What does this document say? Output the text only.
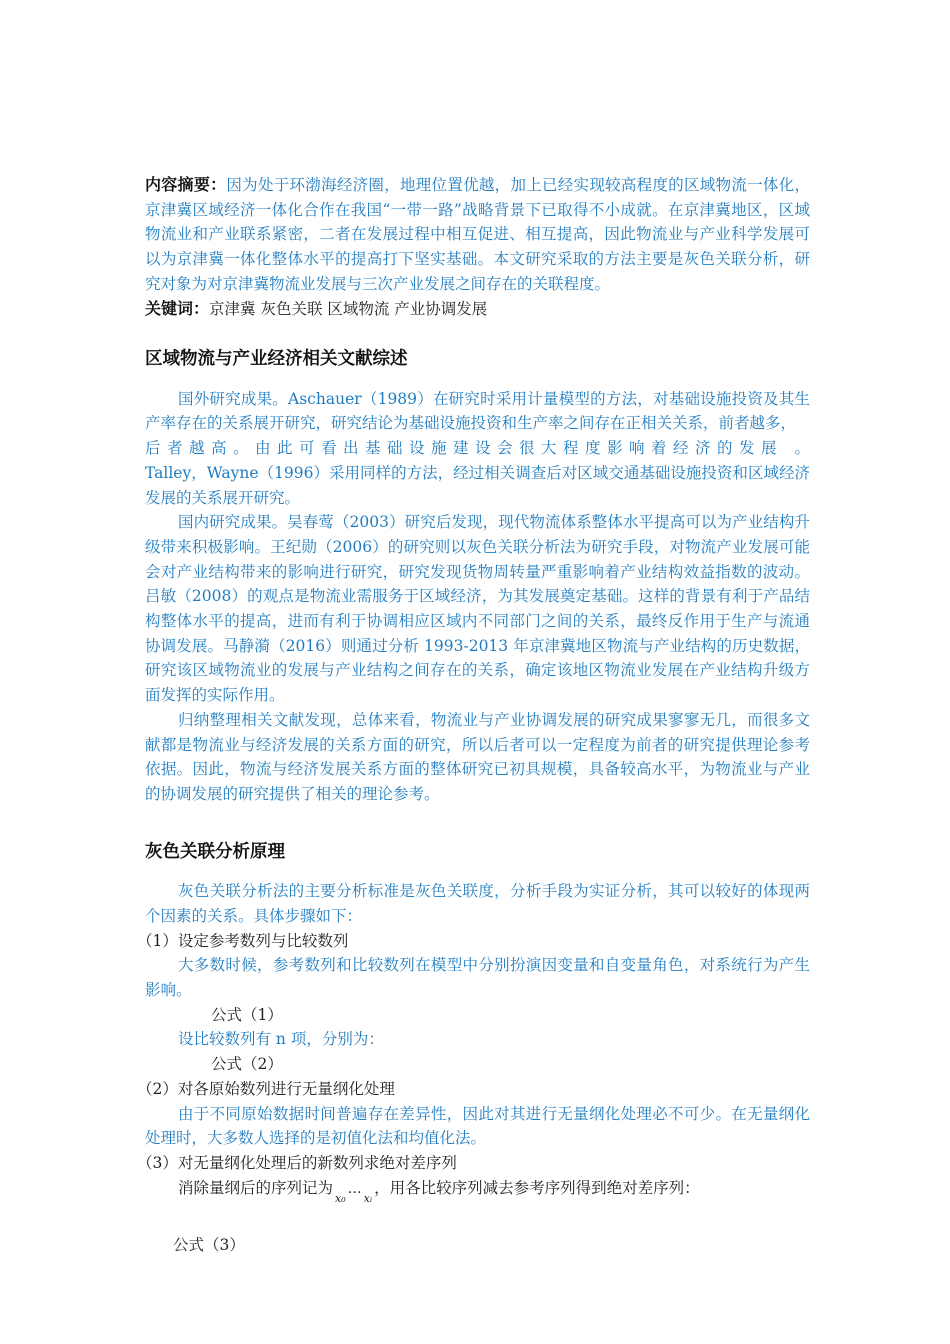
内容摘要：因为处于环渤海经济圈，地理位置优越，加上已经实现较高程度的区域物流一体化，京津冀区域经济一体化合作在我国“一带一路”战略背景下已取得不小成就。在京津冀地区，区域物流业和产业联系紧密，二者在发展过程中相互促进、相互提高，因此物流业与产业科学发展可以为京津冀一体化整体水平的提高打下坚实基础。本文研究采取的方法主要是灰色关联分析，研究对象为对京津冀物流业发展与三次产业发展之间存在的关联程度。

关键词：京津冀 灰色关联 区域物流 产业协调发展

区域物流与产业经济相关文献综述

国外研究成果。Aschauer（1989）在研究时采用计量模型的方法，对基础设施投资及其生产率存在的关系展开研究，研究结论为基础设施投资和生产率之间存在正相关关系，前者越多，

后者越高。由此可看出基础设施建设会很大程度影响着经济的发展 。

Talley，Wayne（1996）采用同样的方法，经过相关调查后对区域交通基础设施投资和区域经济发展的关系展开研究。

国内研究成果。吴春莺（2003）研究后发现，现代物流体系整体水平提高可以为产业结构升级带来积极影响。王纪勋（2006）的研究则以灰色关联分析法为研究手段，对物流产业发展可能会对产业结构带来的影响进行研究，研究发现货物周转量严重影响着产业结构效益指数的波动。吕敏（2008）的观点是物流业需服务于区域经济，为其发展奠定基础。这样的背景有利于产品结构整体水平的提高，进而有利于协调相应区域内不同部门之间的关系，最终反作用于生产与流通协调发展。马静漪（2016）则通过分析 1993-2013 年京津冀地区物流与产业结构的历史数据，研究该区域物流业的发展与产业结构之间存在的关系，确定该地区物流业发展在产业结构升级方面发挥的实际作用。

归纳整理相关文献发现，总体来看，物流业与产业协调发展的研究成果寥寥无几，而很多文献都是物流业与经济发展的关系方面的研究，所以后者可以一定程度为前者的研究提供理论参考依据。因此，物流与经济发展关系方面的整体研究已初具规模，具备较高水平，为物流业与产业的协调发展的研究提供了相关的理论参考。

灰色关联分析原理

灰色关联分析法的主要分析标准是灰色关联度，分析手段为实证分析，其可以较好的体现两个因素的关系。具体步骤如下：

（1）设定参考数列与比较数列

大多数时候，参考数列和比较数列在模型中分别扮演因变量和自变量角色，对系统行为产生影响。

公式（1）

设比较数列有 n 项，分别为：

公式（2）

（2）对各原始数列进行无量纲化处理

由于不同原始数据时间普遍存在差异性，因此对其进行无量纲化处理必不可少。在无量纲化处理时，大多数人选择的是初值化法和均值化法。

（3）对无量纲化处理后的新数列求绝对差序列

消除量纲后的序列记为x₀…xᵢ，用各比较序列减去参考序列得到绝对差序列：

公式（3）
